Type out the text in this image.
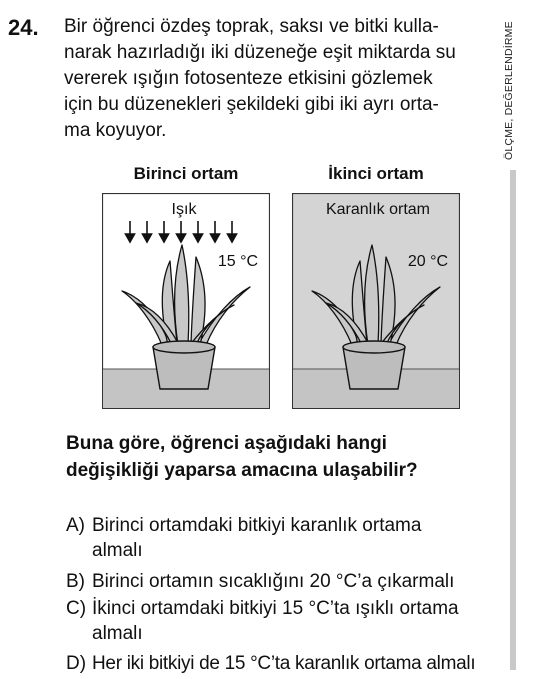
24. Bir öğrenci özdeş toprak, saksı ve bitki kulla-
narak hazırladığı iki düzeneğe eşit miktarda su
vererek ışığın fotosenteze etkisini gözlemek
için bu düzenekleri şekildeki gibi iki ayrı orta-
ma koyuyor.	ÖLÇME, DEĞERLENDİRME
Birinci ortam	İkinci ortam
Işık
15 °C
Karanlık ortam
20 °C

Buna göre, öğrenci aşağıdaki hangi
değişikliği yaparsa amacına ulaşabilir?

A) Birinci ortamdaki bitkiyi karanlık ortama

almalı
B) Birinci ortamın sıcaklığını 20 °C’a çıkarmalı
C) İkinci ortamdaki bitkiyi 15 °C’ta ışıklı ortama

almalı
D) Her iki bitkiyi de 15 °C’ta karanlık ortama almalı
